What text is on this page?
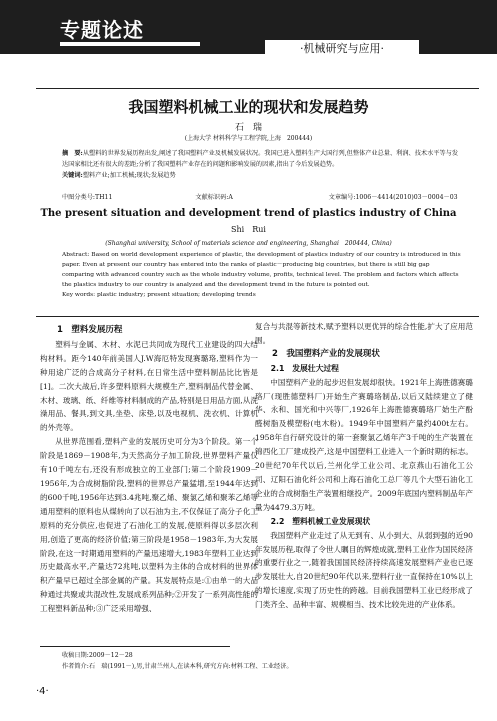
专题论述
·机械研究与应用·
我国塑料机械工业的现状和发展趋势
石　瑞
(上海大学 材料科学与工程学院,上海　200444)
摘　要:从塑料的世界发展历程出发,阐述了我国塑料产业及机械发展状况。我国已进入塑料生产大国行列,但整体产业总量、利润、技术水平等与发达国家相比还有很大的差距;分析了我国塑料产业存在的问题和影响发展的因素,指出了今后发展趋势。
关键词:塑料产业;加工机械;现状;发展趋势
中图分类号:TH11	文献标识码:A	文章编号:1006－4414(2010)03－0004－03
The present situation and development trend of plastics industry of China
Shi　Rui
(Shanghai university, School of materials science and engineering, Shanghai　200444, China)
Abstract: Based on world development experience of plastic, the development of plastics industry of our country is introduced in this paper. Even at present our country has entered into the ranks of plastic－producing big countries, but there is still big gap comparing with advanced country such as the whole industry volume, profits, technical level. The problem and factors which affects the plastics industry to our country is analyzed and the development trend in the future is pointed out.
Key words: plastic industry; present situation; developing trends

1　塑料发展历程

塑料与金属、木材、水泥已共同成为现代工业建设的四大结构材料。距今140年前美国人J.W海厄特发现赛璐珞,塑料作为一种用途广泛的合成高分子材料,在日常生活中塑料制品比比皆是[1]。二次大战后,许多塑料原料大规模生产,塑料制品代替金属、木材、玻璃、纸、纤维等材料制成的产品,特别是日用品方面,从洗澡用品、餐具,到文具,坐垫、床垫,以及电视机、洗衣机、计算机的外壳等。

从世界范围看,塑料产业的发展历史可分为3个阶段。第一个阶段是1869－1908年,为天然高分子加工阶段,世界塑料产量仅有10千吨左右,还没有形成独立的工业部门;第二个阶段1909－1956年,为合成树脂阶段,塑料的世界总产量猛增,至1944年达到的600千吨,1956年达到3.4兆吨,聚乙烯、聚氯乙烯和聚苯乙烯等通用塑料的原料也从煤转向了以石油为主,不仅保证了高分子化工原料的充分供应,也促进了石油化工的发展,使原料得以多层次利用,创造了更高的经济价值;第三阶段是1958－1983年,为大发展阶段,在这一时期通用塑料的产量迅速增大,1983年塑料工业达到历史最高水平,产量达72兆吨,以塑料为主体的合成材料的世界体积产量早已超过全部金属的产量。其发展特点是:①由单一的大品种通过共聚或共混改性,发展成系列品种;②开发了一系列高性能的工程塑料新品种;③广泛采用增强、

复合与共混等新技术,赋予塑料以更优异的综合性能,扩大了应用范围。

2　我国塑料产业的发展现状

2.1　发展壮大过程

中国塑料产业的起步迟但发展却很快。1921年上海胜德赛璐珞厂(现胜德塑料厂)开始生产赛璐珞制品,以后又陆续建立了健华、永和、国光和中兴等厂,1926年上海胜德赛璐珞厂始生产酚醛树脂及模塑粉(电木粉)。1949年中国塑料产量约400t左右。1958年自行研究设计的第一套聚氯乙烯年产3千吨的生产装置在锦西化工厂建成投产,这是中国塑料工业进入一个新时期的标志。20世纪70年代以后,兰州化学工业公司、北京燕山石油化工公司、辽阳石油化纤公司和上海石油化工总厂等几个大型石油化工企业的合成树脂生产装置相继投产。2009年底国内塑料制品年产量为4479.3万吨。

2.2　塑料机械工业发展现状

我国塑料产业走过了从无到有、从小到大、从弱到强的近90年发展历程,取得了令世人瞩目的辉煌成就,塑料工业作为国民经济的重要行业之一,随着我国国民经济持续高速发展塑料产业也已逐步发展壮大,自20世纪90年代以来,塑料行业一直保持在10%以上的增长速度,实现了历史性的跨越。目前我国塑料工业已经形成了门类齐全、品种丰富、规模相当、技术比较先进的产业体系。

收稿日期:2009－12－28
作者简介:石　瑞(1991－),男,甘肃兰州人,在读本科,研究方向:材料工程、工业经济。
·4·
